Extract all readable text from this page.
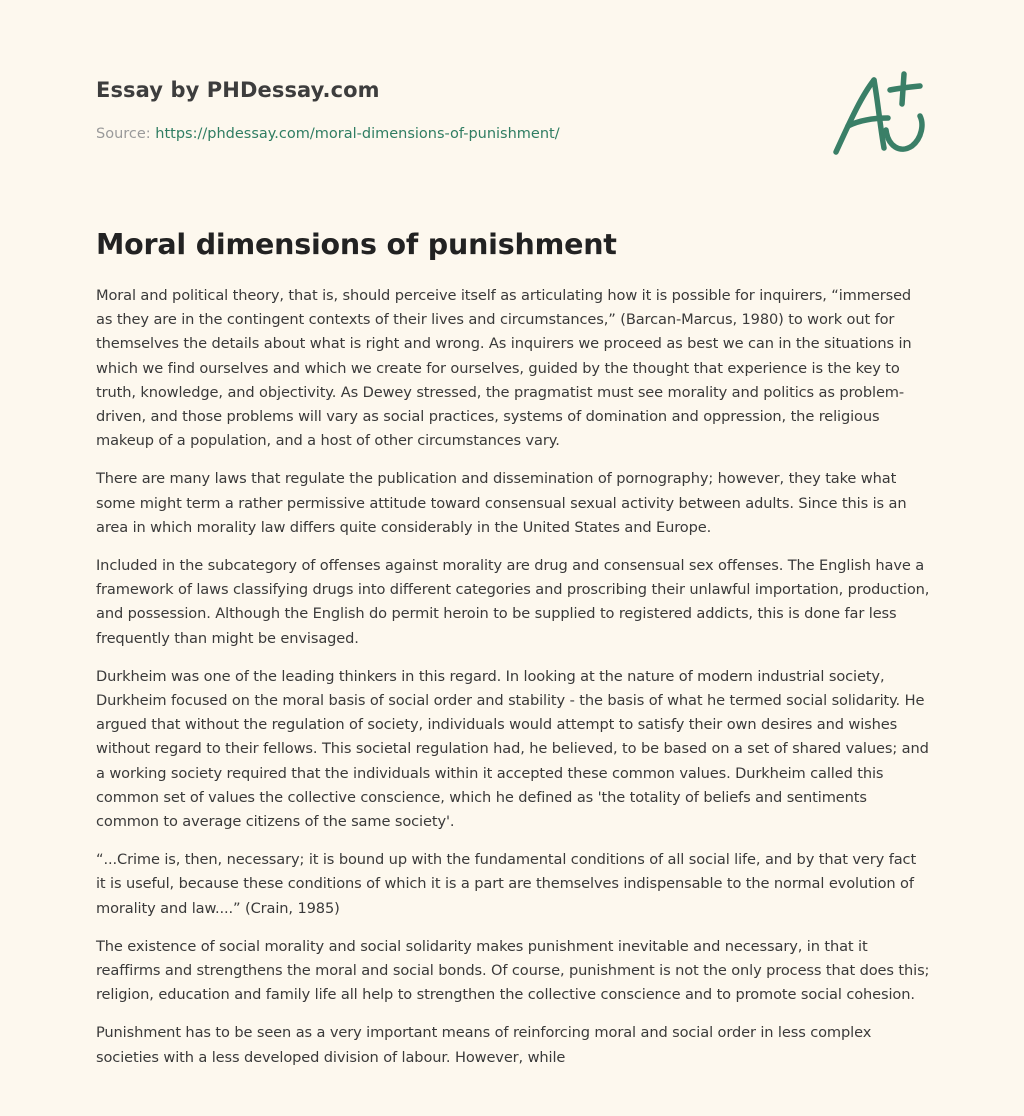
Essay by PHDessay.com
Source: https://phdessay.com/moral-dimensions-of-punishment/
Moral dimensions of punishment

Moral and political theory, that is, should perceive itself as articulating how it is possible for inquirers, “immersed as they are in the contingent contexts of their lives and circumstances,” (Barcan-Marcus, 1980) to work out for themselves the details about what is right and wrong. As inquirers we proceed as best we can in the situations in which we find ourselves and which we create for ourselves, guided by the thought that experience is the key to truth, knowledge, and objectivity. As Dewey stressed, the pragmatist must see morality and politics as problem-driven, and those problems will vary as social practices, systems of domination and oppression, the religious makeup of a population, and a host of other circumstances vary.

There are many laws that regulate the publication and dissemination of pornography; however, they take what some might term a rather permissive attitude toward consensual sexual activity between adults. Since this is an area in which morality law differs quite considerably in the United States and Europe.

Included in the subcategory of offenses against morality are drug and consensual sex offenses. The English have a framework of laws classifying drugs into different categories and proscribing their unlawful importation, production, and possession. Although the English do permit heroin to be supplied to registered addicts, this is done far less frequently than might be envisaged.

Durkheim was one of the leading thinkers in this regard. In looking at the nature of modern industrial society, Durkheim focused on the moral basis of social order and stability - the basis of what he termed social solidarity. He argued that without the regulation of society, individuals would attempt to satisfy their own desires and wishes without regard to their fellows. This societal regulation had, he believed, to be based on a set of shared values; and a working society required that the individuals within it accepted these common values. Durkheim called this common set of values the collective conscience, which he defined as 'the totality of beliefs and sentiments common to average citizens of the same society'.

“...Crime is, then, necessary; it is bound up with the fundamental conditions of all social life, and by that very fact it is useful, because these conditions of which it is a part are themselves indispensable to the normal evolution of morality and law....” (Crain, 1985)

The existence of social morality and social solidarity makes punishment inevitable and necessary, in that it reaffirms and strengthens the moral and social bonds. Of course, punishment is not the only process that does this; religion, education and family life all help to strengthen the collective conscience and to promote social cohesion.

Punishment has to be seen as a very important means of reinforcing moral and social order in less complex societies with a less developed division of labour. However, while
